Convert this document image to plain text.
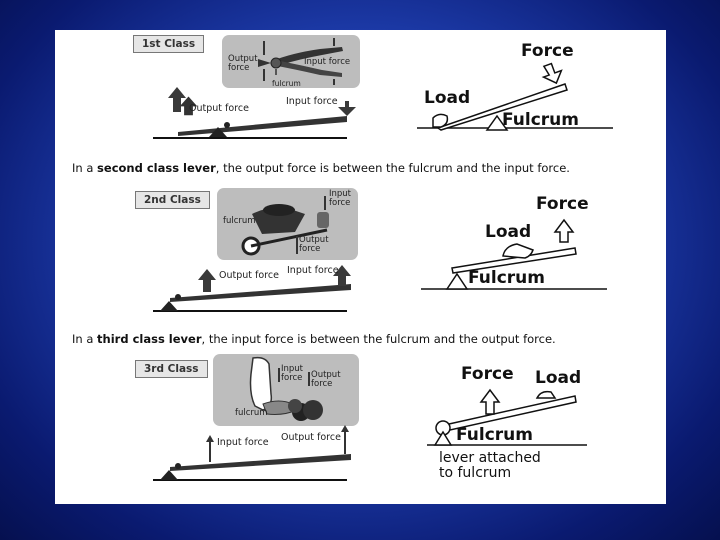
1st Class
Output
force
Input force
fulcrum
Output force
Input force
Force
Load
Fulcrum
In a second class lever, the output force is between the fulcrum and the input force.
2nd Class	Input
force
fulcrum
Output
force
Output force Input force
Force
Load
Fulcrum
In a third class lever, the input force is between the fulcrum and the output force.
3rd Class	Input
force Output
force
fulcrum
Input force Output force
Force Load
Fulcrum
lever attached
to fulcrum
